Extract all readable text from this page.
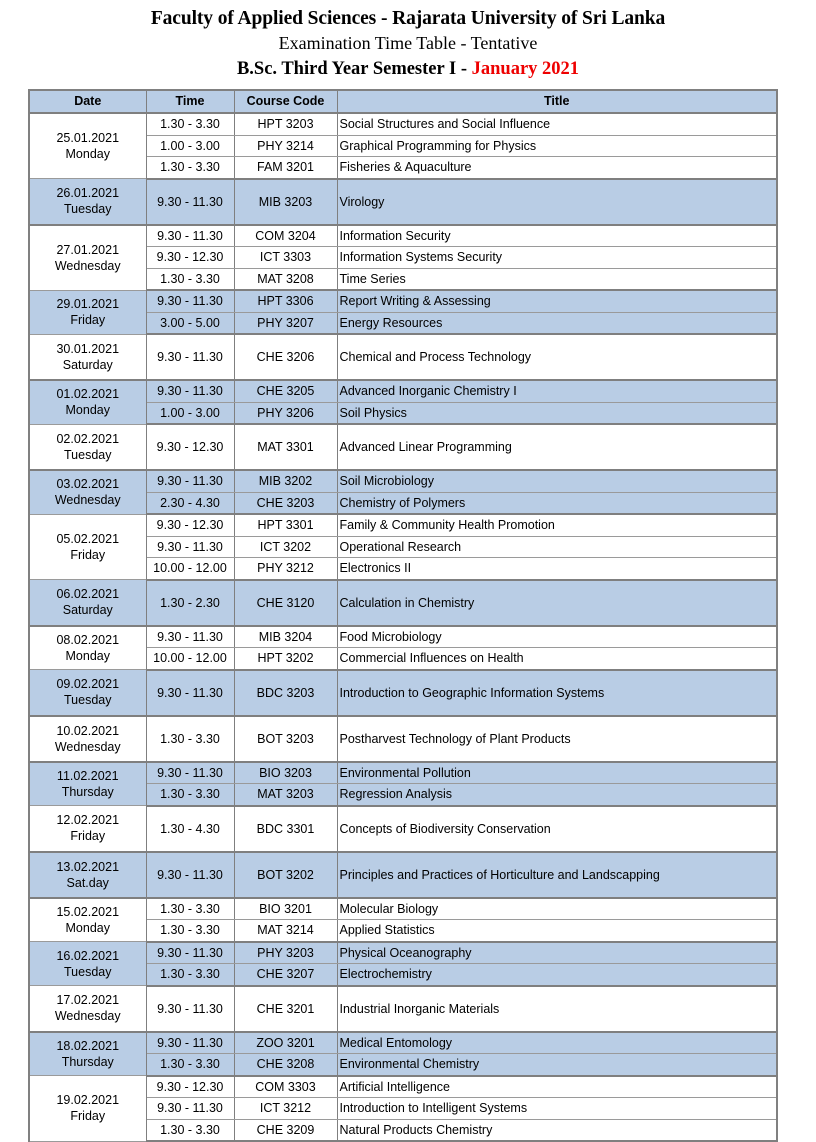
Faculty of Applied Sciences - Rajarata University of Sri Lanka
Examination Time Table - Tentative
B.Sc. Third Year Semester I - January 2021
Date	Time	Course Code	Title

25.01.2021
Monday	1.30 - 3.30	HPT 3203	Social Structures and Social Influence
	1.00 - 3.00	PHY 3214	Graphical Programming for Physics
	1.30 - 3.30	FAM 3201	Fisheries & Aquaculture

26.01.2021
Tuesday	9.30 - 11.30	MIB 3203	Virology

27.01.2021
Wednesday	9.30 - 11.30	COM 3204	Information Security
	9.30 - 12.30	ICT 3303	Information Systems Security
	1.30 - 3.30	MAT 3208	Time Series

29.01.2021
Friday	9.30 - 11.30	HPT 3306	Report Writing & Assessing
	3.00 - 5.00	PHY 3207	Energy Resources

30.01.2021
Saturday	9.30 - 11.30	CHE 3206	Chemical and Process Technology

01.02.2021
Monday	9.30 - 11.30	CHE 3205	Advanced Inorganic Chemistry I
	1.00 - 3.00	PHY 3206	Soil Physics

02.02.2021
Tuesday	9.30 - 12.30	MAT 3301	Advanced Linear Programming

03.02.2021
Wednesday	9.30 - 11.30	MIB 3202	Soil Microbiology
	2.30 - 4.30	CHE 3203	Chemistry of Polymers

05.02.2021
Friday	9.30 - 12.30	HPT 3301	Family & Community Health Promotion
	9.30 - 11.30	ICT 3202	Operational Research
	10.00 - 12.00	PHY 3212	Electronics II

06.02.2021
Saturday	1.30 - 2.30	CHE 3120	Calculation in Chemistry

08.02.2021
Monday	9.30 - 11.30	MIB 3204	Food Microbiology
	10.00 - 12.00	HPT 3202	Commercial Influences on Health

09.02.2021
Tuesday	9.30 - 11.30	BDC 3203	Introduction to Geographic Information Systems

10.02.2021
Wednesday	1.30 - 3.30	BOT 3203	Postharvest Technology of Plant Products

11.02.2021
Thursday	9.30 - 11.30	BIO 3203	Environmental Pollution
	1.30 - 3.30	MAT 3203	Regression Analysis

12.02.2021
Friday	1.30 - 4.30	BDC 3301	Concepts of Biodiversity Conservation

13.02.2021
Sat.day	9.30 - 11.30	BOT 3202	Principles and Practices of Horticulture and Landscapping

15.02.2021
Monday	1.30 - 3.30	BIO 3201	Molecular Biology
	1.30 - 3.30	MAT 3214	Applied Statistics

16.02.2021
Tuesday	9.30 - 11.30	PHY 3203	Physical Oceanography
	1.30 - 3.30	CHE 3207	Electrochemistry

17.02.2021
Wednesday	9.30 - 11.30	CHE 3201	Industrial Inorganic Materials

18.02.2021
Thursday	9.30 - 11.30	ZOO 3201	Medical Entomology
	1.30 - 3.30	CHE 3208	Environmental Chemistry

19.02.2021
Friday	9.30 - 12.30	COM 3303	Artificial Intelligence
	9.30 - 11.30	ICT 3212	Introduction to Intelligent Systems
	1.30 - 3.30	CHE 3209	Natural Products Chemistry
